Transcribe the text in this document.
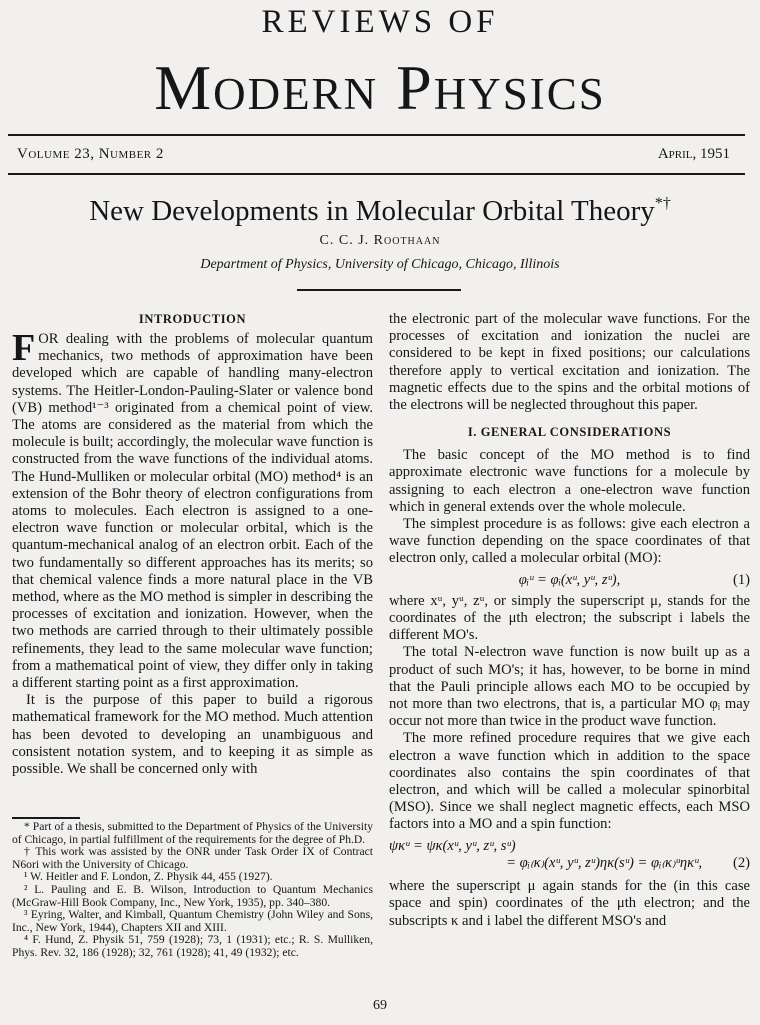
REVIEWS OF
Modern Physics
Volume 23, Number 2	April, 1951
New Developments in Molecular Orbital Theory*†
C. C. J. Roothaan
Department of Physics, University of Chicago, Chicago, Illinois
INTRODUCTION

FOR dealing with the problems of molecular quantum mechanics, two methods of approximation have been developed which are capable of handling many-electron systems. The Heitler-London-Pauling-Slater or valence bond (VB) method¹⁻³ originated from a chemical point of view. The atoms are considered as the material from which the molecule is built; accordingly, the molecular wave function is constructed from the wave functions of the individual atoms. The Hund-Mulliken or molecular orbital (MO) method⁴ is an extension of the Bohr theory of electron configurations from atoms to molecules. Each electron is assigned to a one-electron wave function or molecular orbital, which is the quantum-mechanical analog of an electron orbit. Each of the two fundamentally so different approaches has its merits; so that chemical valence finds a more natural place in the VB method, where as the MO method is simpler in describing the processes of excitation and ionization. However, when the two methods are carried through to their ultimately possible refinements, they lead to the same molecular wave function; from a mathematical point of view, they differ only in taking a different starting point as a first approximation.

It is the purpose of this paper to build a rigorous mathematical framework for the MO method. Much attention has been devoted to developing an unambiguous and consistent notation system, and to keeping it as simple as possible. We shall be concerned only with

* Part of a thesis, submitted to the Department of Physics of the University of Chicago, in partial fulfillment of the requirements for the degree of Ph.D.

† This work was assisted by the ONR under Task Order IX of Contract N6ori with the University of Chicago.

¹ W. Heitler and F. London, Z. Physik 44, 455 (1927).

² L. Pauling and E. B. Wilson, Introduction to Quantum Mechanics (McGraw-Hill Book Company, Inc., New York, 1935), pp. 340–380.

³ Eyring, Walter, and Kimball, Quantum Chemistry (John Wiley and Sons, Inc., New York, 1944), Chapters XII and XIII.

⁴ F. Hund, Z. Physik 51, 759 (1928); 73, 1 (1931); etc.; R. S. Mulliken, Phys. Rev. 32, 186 (1928); 32, 761 (1928); 41, 49 (1932); etc.

the electronic part of the molecular wave functions. For the processes of excitation and ionization the nuclei are considered to be kept in fixed positions; our calculations therefore apply to vertical excitation and ionization. The magnetic effects due to the spins and the orbital motions of the electrons will be neglected throughout this paper.

I. GENERAL CONSIDERATIONS

The basic concept of the MO method is to find approximate electronic wave functions for a molecule by assigning to each electron a one-electron wave function which in general extends over the whole molecule.

The simplest procedure is as follows: give each electron a wave function depending on the space coordinates of that electron only, called a molecular orbital (MO):

φᵢᵘ = φᵢ(xᵘ, yᵘ, zᵘ),	(1)

where xᵘ, yᵘ, zᵘ, or simply the superscript μ, stands for the coordinates of the μth electron; the subscript i labels the different MO's.

The total N-electron wave function is now built up as a product of such MO's; it has, however, to be borne in mind that the Pauli principle allows each MO to be occupied by not more than two electrons, that is, a particular MO φᵢ may occur not more than twice in the product wave function.

The more refined procedure requires that we give each electron a wave function which in addition to the space coordinates also contains the spin coordinates of that electron, and which will be called a molecular spinorbital (MSO). Since we shall neglect magnetic effects, each MSO factors into a MO and a spin function:

ψκᵘ = ψκ(xᵘ, yᵘ, zᵘ, sᵘ)
= φᵢ₍κ₎(xᵘ, yᵘ, zᵘ)ηκ(sᵘ) = φᵢ₍κ₎ᵘηκᵘ, (2)

where the superscript μ again stands for the (in this case space and spin) coordinates of the μth electron; and the subscripts κ and i label the different MSO's and

69
